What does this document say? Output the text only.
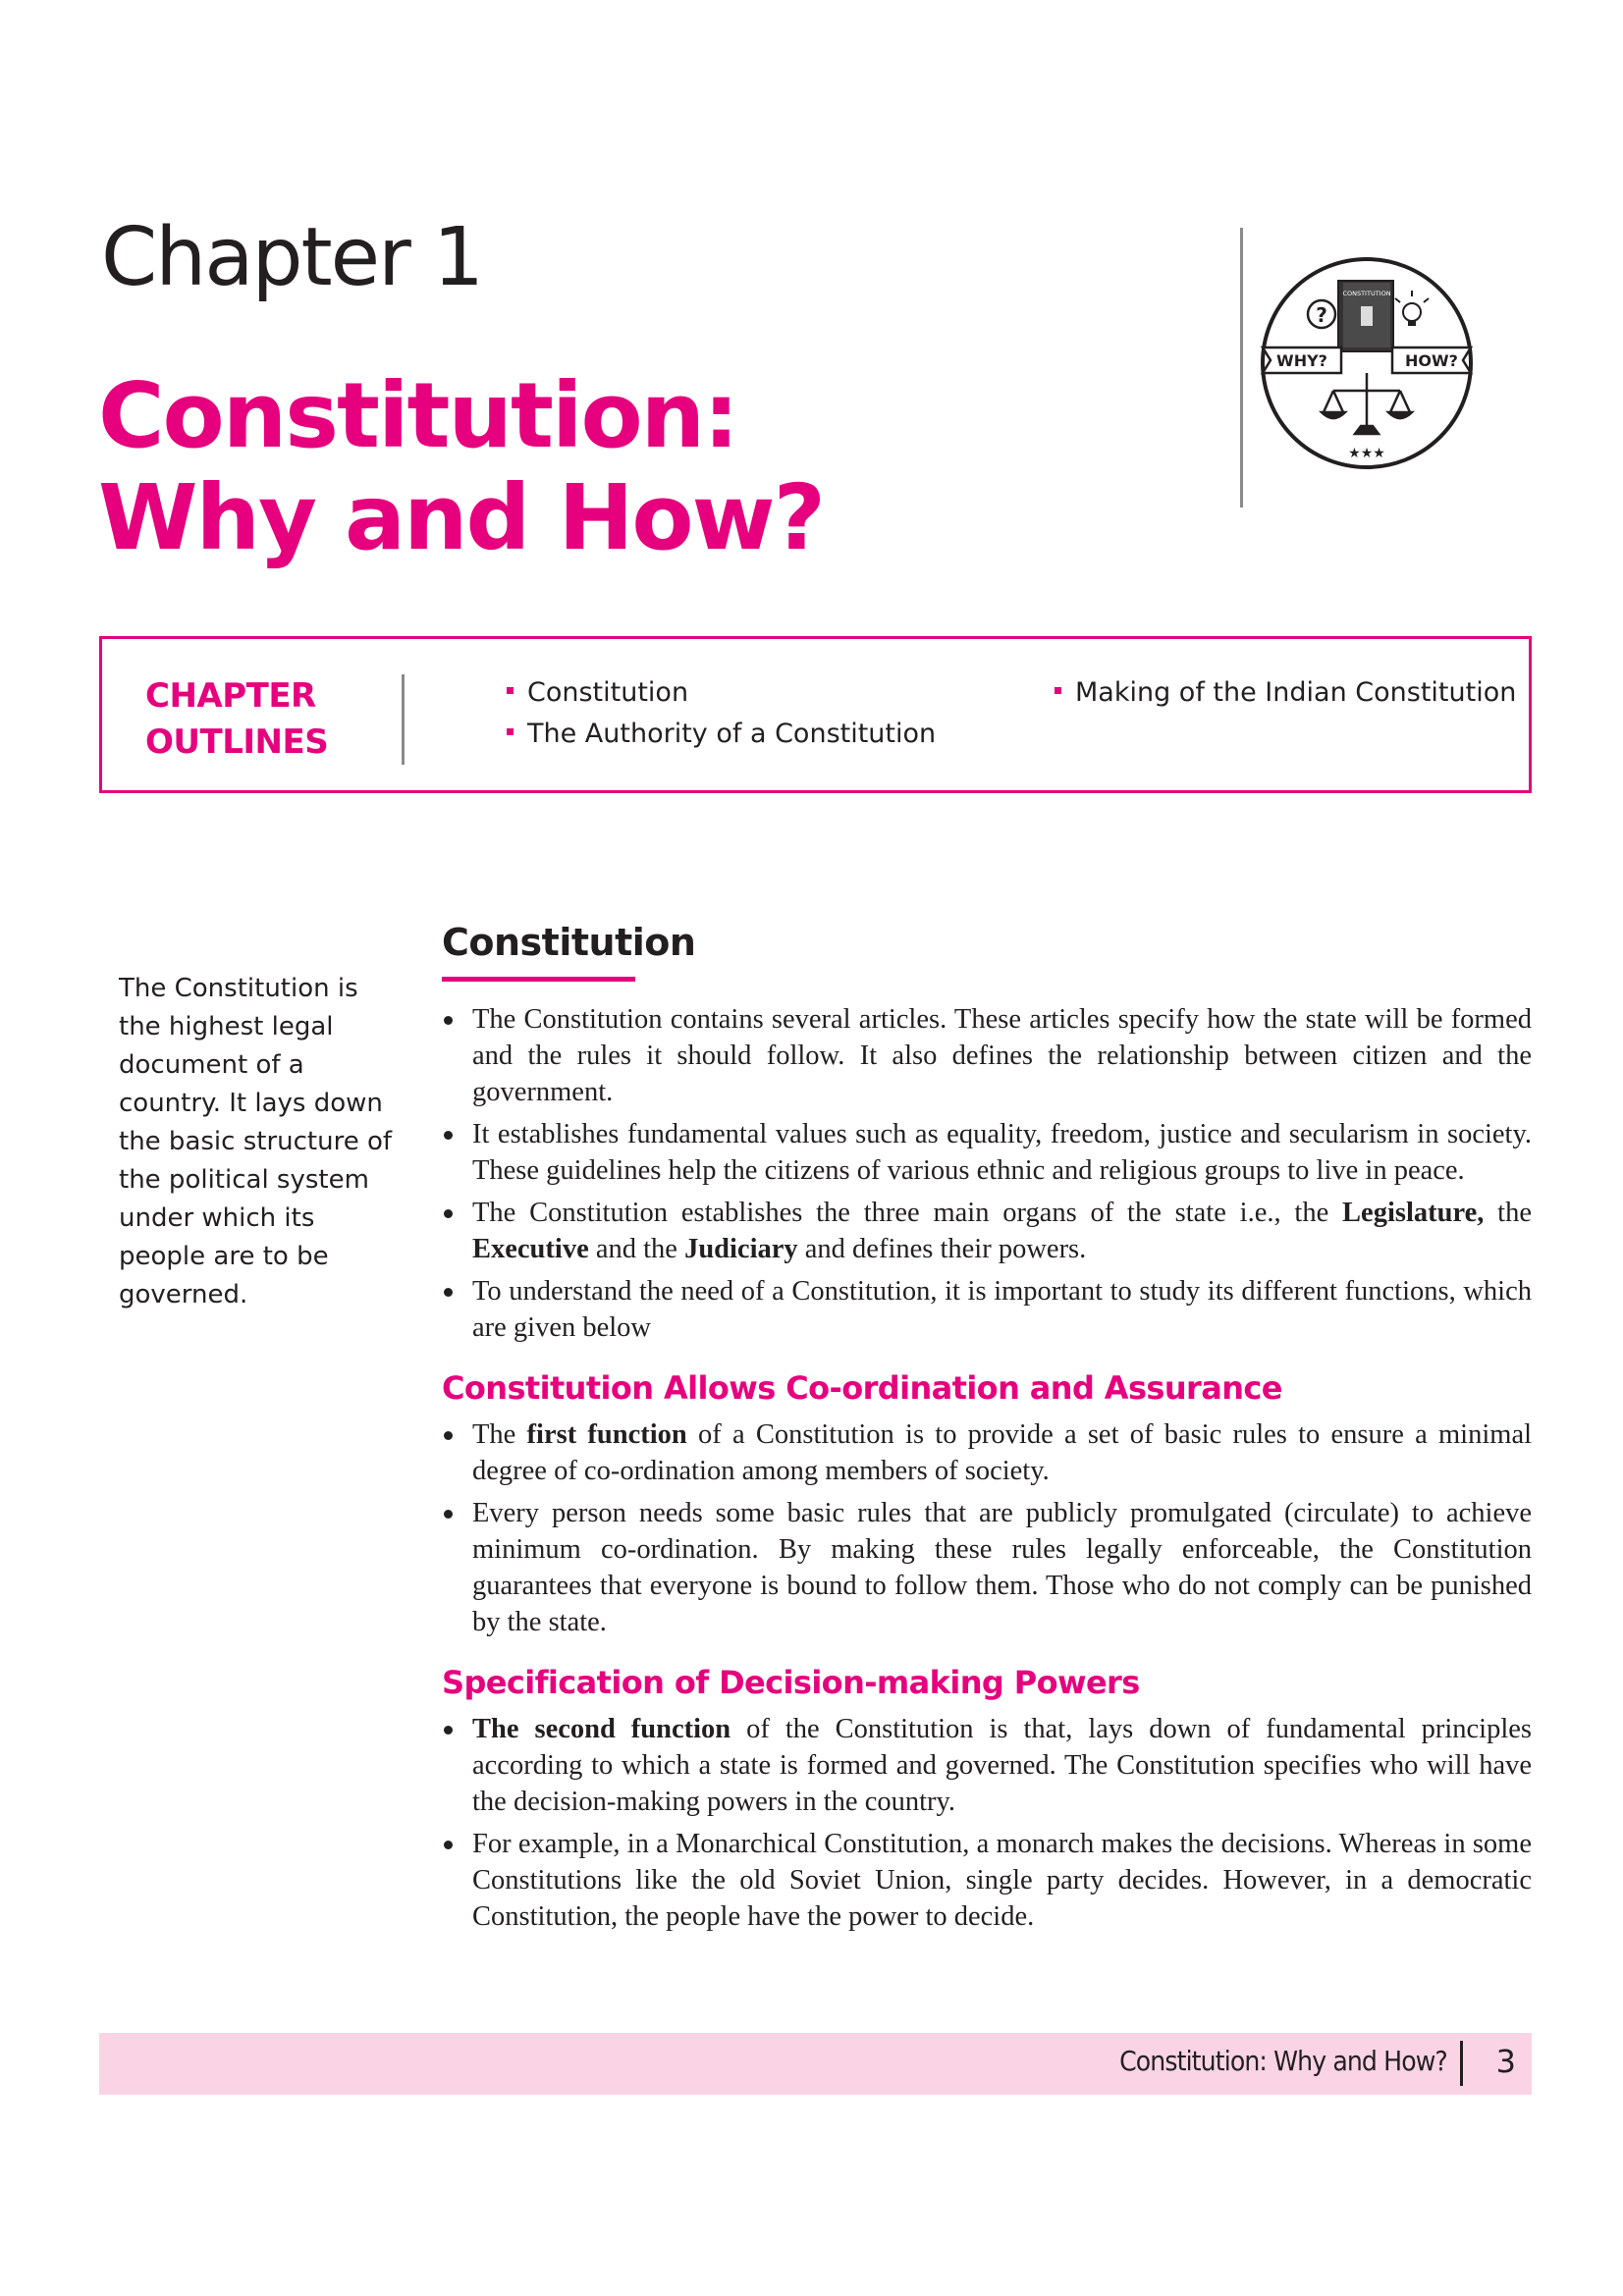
Chapter 1
Constitution:
Why and How?
CONSTITUTION
?
WHY?	HOW?
★★★
CHAPTER
OUTLINES
Constitution
The Authority of a Constitution
Making of the Indian Constitution

The Constitution is the highest legal document of a country. It lays down the basic structure of the political system under which its people are to be governed.

Constitution
The Constitution contains several articles. These articles specify how the state will be formed and the rules it should follow. It also defines the relationship between citizen and the government.
It establishes fundamental values such as equality, freedom, justice and secularism in society. These guidelines help the citizens of various ethnic and religious groups to live in peace.
The Constitution establishes the three main organs of the state i.e., the Legislature, the Executive and the Judiciary and defines their powers.
To understand the need of a Constitution, it is important to study its different functions, which are given below
Constitution Allows Co-ordination and Assurance
The first function of a Constitution is to provide a set of basic rules to ensure a minimal degree of co-ordination among members of society.
Every person needs some basic rules that are publicly promulgated (circulate) to achieve minimum co-ordination. By making these rules legally enforceable, the Constitution guarantees that everyone is bound to follow them. Those who do not comply can be punished by the state.
Specification of Decision-making Powers
The second function of the Constitution is that, lays down of fundamental principles according to which a state is formed and governed. The Constitution specifies who will have the decision-making powers in the country.
For example, in a Monarchical Constitution, a monarch makes the decisions. Whereas in some Constitutions like the old Soviet Union, single party decides. However, in a democratic Constitution, the people have the power to decide.
Constitution: Why and How? 3
